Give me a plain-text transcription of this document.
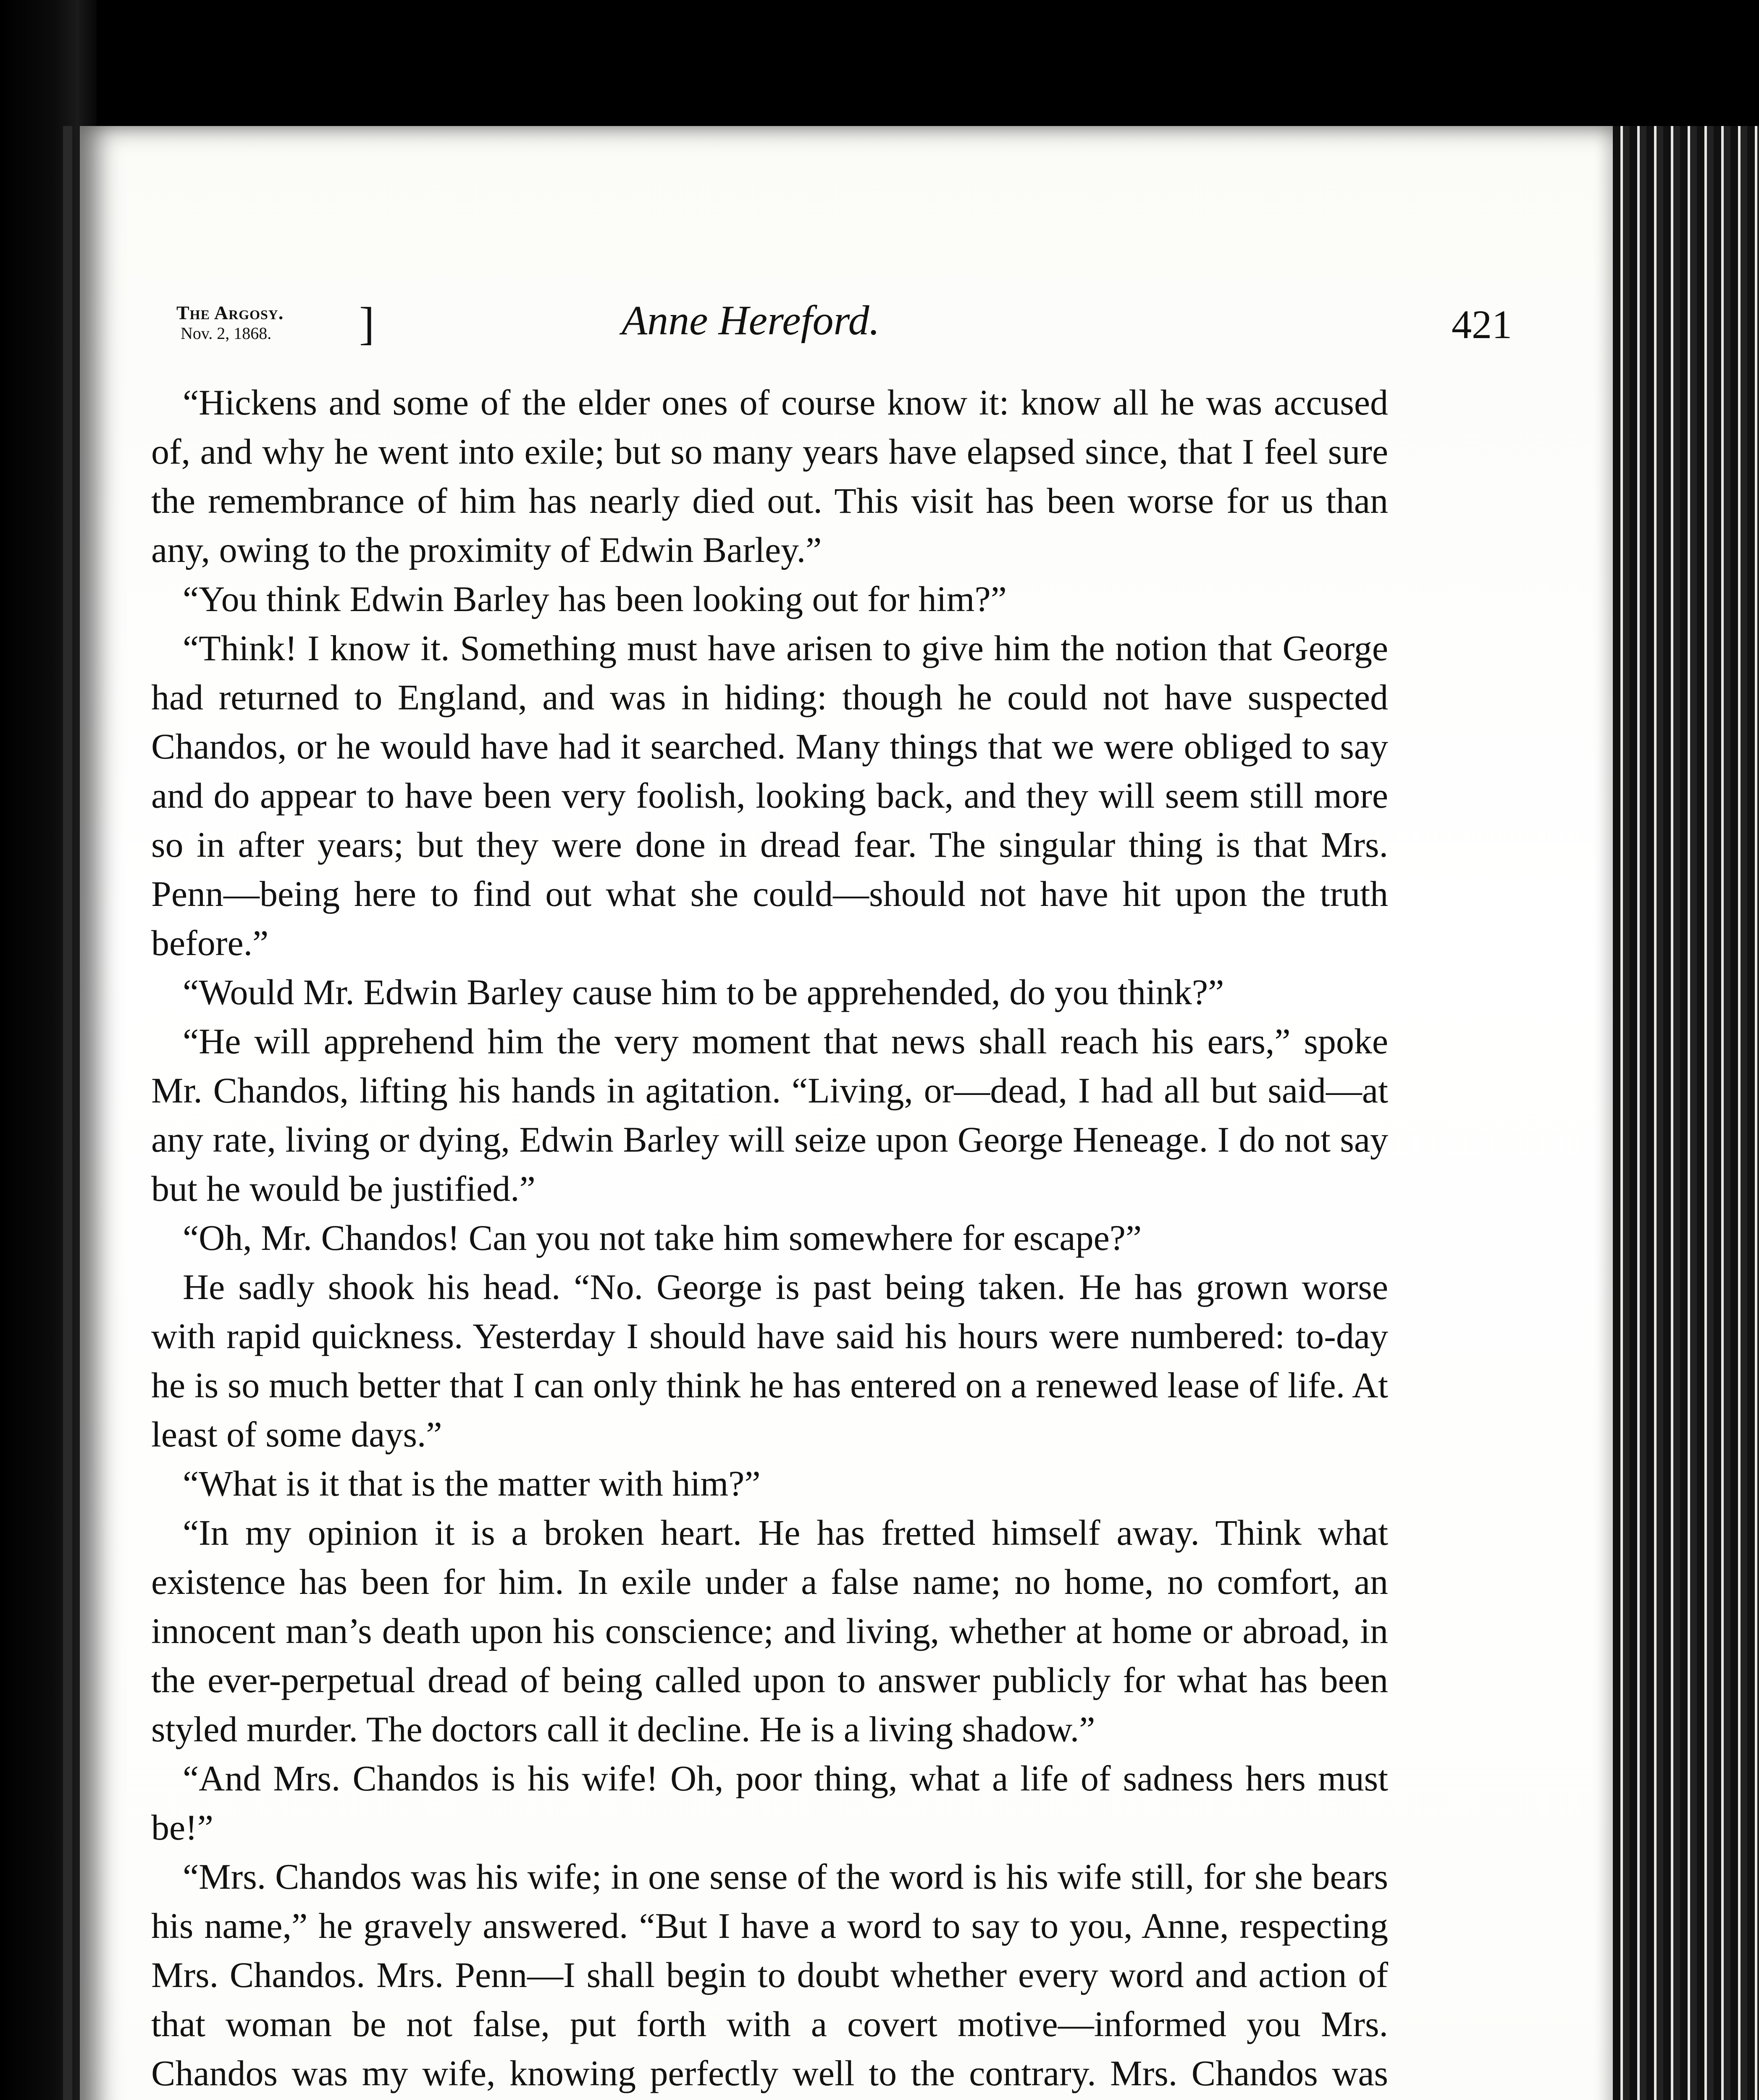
The Argosy.
Nov. 2, 1868. ]	Anne Hereford.	421

“Hickens and some of the elder ones of course know it: know all he was accused of, and why he went into exile; but so many years have elapsed since, that I feel sure the remembrance of him has nearly died out. This visit has been worse for us than any, owing to the proximity of Edwin Barley.”

“You think Edwin Barley has been looking out for him?”

“Think! I know it. Something must have arisen to give him the notion that George had returned to England, and was in hiding: though he could not have suspected Chandos, or he would have had it searched. Many things that we were obliged to say and do appear to have been very foolish, looking back, and they will seem still more so in after years; but they were done in dread fear. The singular thing is that Mrs. Penn—being here to find out what she could—should not have hit upon the truth before.”

“Would Mr. Edwin Barley cause him to be apprehended, do you think?”

“He will apprehend him the very moment that news shall reach his ears,” spoke Mr. Chandos, lifting his hands in agitation. “Living, or—dead, I had all but said—at any rate, living or dying, Edwin Barley will seize upon George Heneage. I do not say but he would be justified.”

“Oh, Mr. Chandos! Can you not take him somewhere for escape?”

He sadly shook his head. “No. George is past being taken. He has grown worse with rapid quickness. Yesterday I should have said his hours were numbered: to-day he is so much better that I can only think he has entered on a renewed lease of life. At least of some days.”

“What is it that is the matter with him?”

“In my opinion it is a broken heart. He has fretted himself away. Think what existence has been for him. In exile under a false name; no home, no comfort, an innocent man’s death upon his conscience; and living, whether at home or abroad, in the ever-perpetual dread of being called upon to answer publicly for what has been styled murder. The doctors call it decline. He is a living shadow.”

“And Mrs. Chandos is his wife! Oh, poor thing, what a life of sadness hers must be!”

“Mrs. Chandos was his wife; in one sense of the word is his wife still, for she bears his name,” he gravely answered. “But I have a word to say to you, Anne, respecting Mrs. Chandos. Mrs. Penn—I shall begin to doubt whether every word and action of that woman be not false, put forth with a covert motive—informed you Mrs. Chandos was my wife, knowing perfectly well to the contrary. Mrs. Chandos was
